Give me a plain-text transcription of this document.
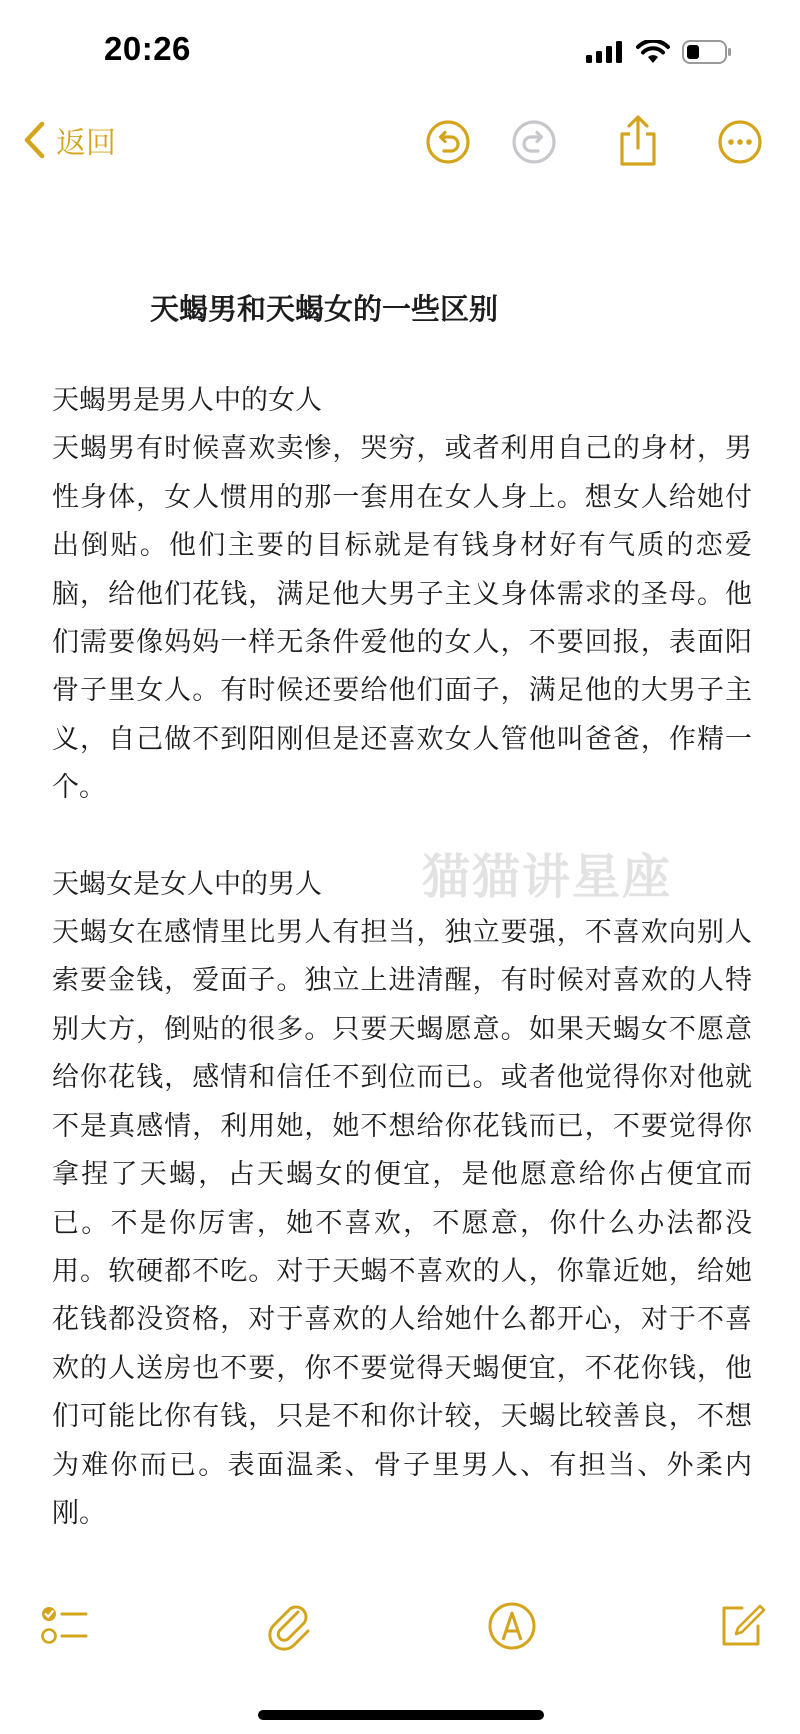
20:26
返回
天蝎男和天蝎女的一些区别

天蝎男是男人中的女人

天蝎男有时候喜欢卖惨，哭穷，或者利用自己的身材，男性身体，女人惯用的那一套用在女人身上。想女人给她付出倒贴。他们主要的目标就是有钱身材好有气质的恋爱脑，给他们花钱，满足他大男子主义身体需求的圣母。他们需要像妈妈一样无条件爱他的女人，不要回报，表面阳骨子里女人。有时候还要给他们面子，满足他的大男子主义，自己做不到阳刚但是还喜欢女人管他叫爸爸，作精一个。

天蝎女是女人中的男人

天蝎女在感情里比男人有担当，独立要强，不喜欢向别人索要金钱，爱面子。独立上进清醒，有时候对喜欢的人特别大方，倒贴的很多。只要天蝎愿意。如果天蝎女不愿意给你花钱，感情和信任不到位而已。或者他觉得你对他就不是真感情，利用她，她不想给你花钱而已，不要觉得你拿捏了天蝎，占天蝎女的便宜，是他愿意给你占便宜而已。不是你厉害，她不喜欢，不愿意，你什么办法都没用。软硬都不吃。对于天蝎不喜欢的人，你靠近她，给她花钱都没资格，对于喜欢的人给她什么都开心，对于不喜欢的人送房也不要，你不要觉得天蝎便宜，不花你钱，他们可能比你有钱，只是不和你计较，天蝎比较善良，不想为难你而已。表面温柔、骨子里男人、有担当、外柔内刚。

猫猫讲星座
